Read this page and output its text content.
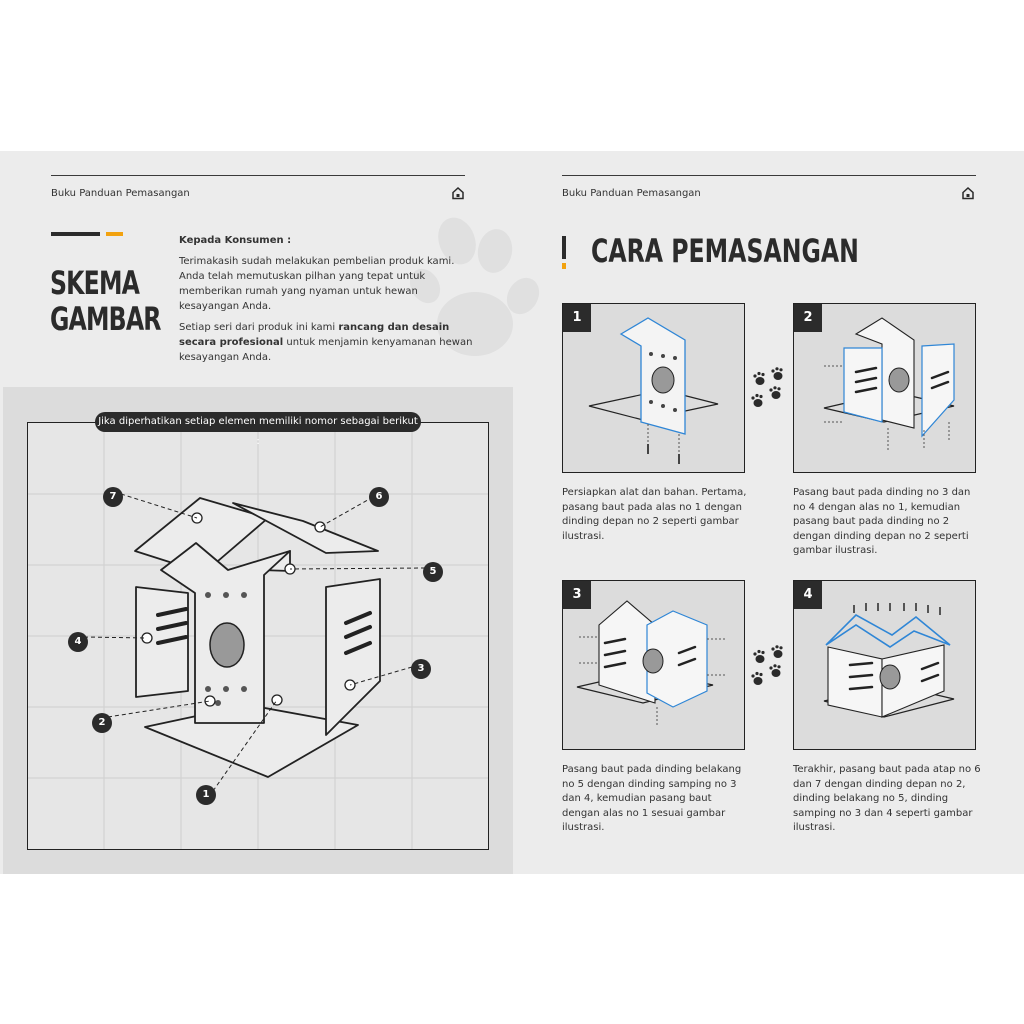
Buku Panduan Pemasangan
SKEMA
GAMBAR

Kepada Konsumen :

Terimakasih sudah melakukan pembelian produk kami. Anda telah memutuskan pilhan yang tepat untuk memberikan rumah yang nyaman untuk hewan kesayangan Anda.

Setiap seri dari produk ini kami rancang dan desain secara profesional untuk menjamin kenyamanan hewan kesayangan Anda.

Jika diperhatikan setiap elemen memiliki nomor sebagai berikut :
1
2
3
4
5
6
7
Buku Panduan Pemasangan
CARA PEMASANGAN
1
Persiapkan alat dan bahan. Pertama, pasang baut pada alas no 1 dengan dinding depan no 2 seperti gambar ilustrasi.
2
Pasang baut pada dinding no 3 dan no 4 dengan alas no 1, kemudian pasang baut pada dinding no 2 dengan dinding depan no 2 seperti gambar ilustrasi.
3
Pasang baut pada dinding belakang no 5 dengan dinding samping no 3 dan 4, kemudian pasang baut dengan alas no 1 sesuai gambar ilustrasi.
4
Terakhir, pasang baut pada atap no 6 dan 7 dengan dinding depan no 2, dinding belakang no 5, dinding samping no 3 dan 4 seperti gambar ilustrasi.
